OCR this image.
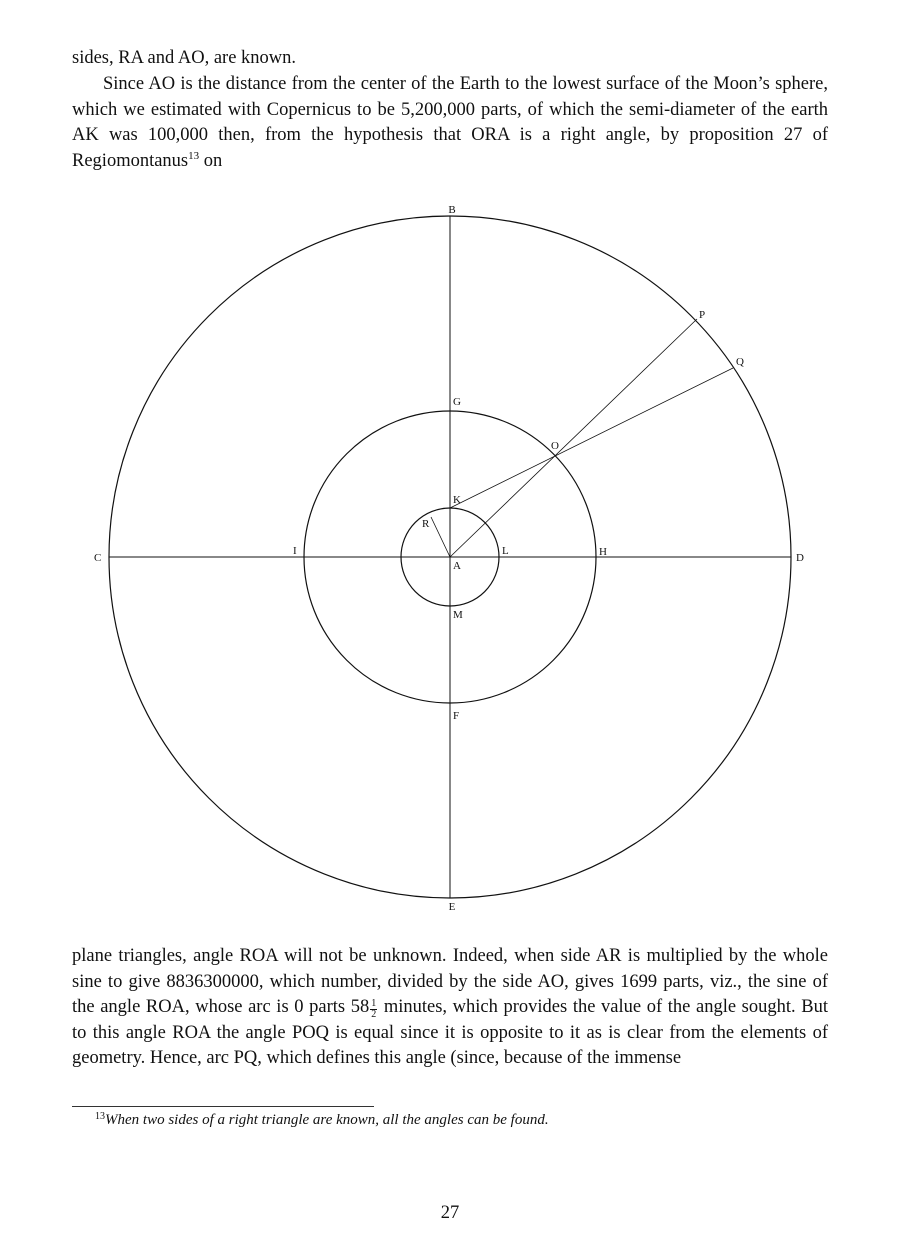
sides, RA and AO, are known.

Since AO is the distance from the center of the Earth to the lowest surface of the Moon’s sphere, which we estimated with Copernicus to be 5,200,000 parts, of which the semi-diameter of the earth AK was 100,000 then, from the hypothesis that ORA is a right angle, by proposition 27 of Regiomontanus$^{13}$ on

B
P
Q
G
O
K
R
C
I	L	H	D
A
M
F
E

plane triangles, angle ROA will not be unknown. Indeed, when side AR is multiplied by the whole sine to give 8836300000, which number, divided by the side AO, gives 1699 parts, viz., the sine of the angle ROA, whose arc is 0 parts $58 \frac{1}{2}$ minutes, which provides the value of the angle sought. But to this angle ROA the angle POQ is equal since it is opposite to it as is clear from the elements of geometry. Hence, arc PQ, which defines this angle (since, because of the immense

$^{13}$When two sides of a right triangle are known, all the angles can be found.
27
